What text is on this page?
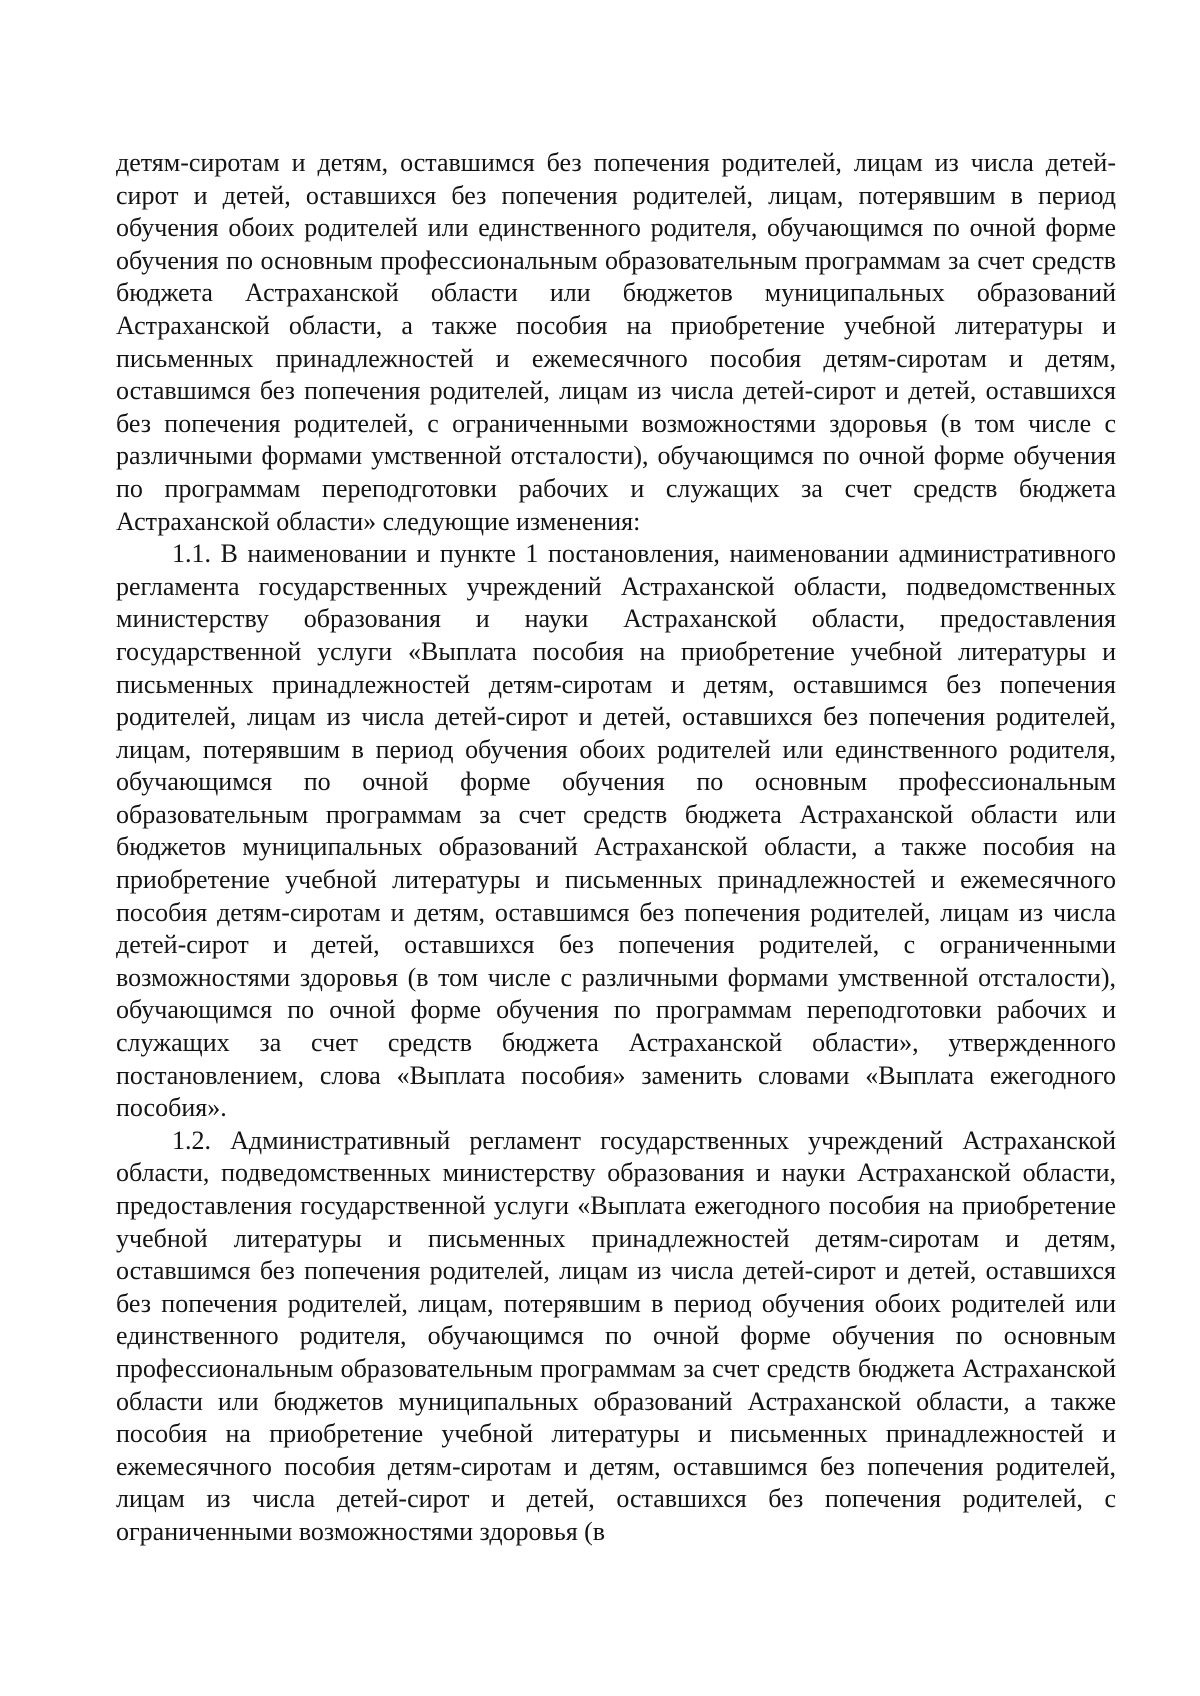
детям-сиротам и детям, оставшимся без попечения родителей, лицам из числа детей-сирот и детей, оставшихся без попечения родителей, лицам, потерявшим в период обучения обоих родителей или единственного родителя, обучающимся по очной форме обучения по основным профессиональным образовательным программам за счет средств бюджета Астраханской области или бюджетов муниципальных образований Астраханской области, а также пособия на приобретение учебной литературы и письменных принадлежностей и ежемесячного пособия детям-сиротам и детям, оставшимся без попечения родителей, лицам из числа детей-сирот и детей, оставшихся без попечения родителей, с ограниченными возможностями здоровья (в том числе с различными формами умственной отсталости), обучающимся по очной форме обучения по программам переподготовки рабочих и служащих за счет средств бюджета Астраханской области» следующие изменения:

1.1. В наименовании и пункте 1 постановления, наименовании административного регламента государственных учреждений Астраханской области, подведомственных министерству образования и науки Астраханской области, предоставления государственной услуги «Выплата пособия на приобретение учебной литературы и письменных принадлежностей детям-сиротам и детям, оставшимся без попечения родителей, лицам из числа детей-сирот и детей, оставшихся без попечения родителей, лицам, потерявшим в период обучения обоих родителей или единственного родителя, обучающимся по очной форме обучения по основным профессиональным образовательным программам за счет средств бюджета Астраханской области или бюджетов муниципальных образований Астраханской области, а также пособия на приобретение учебной литературы и письменных принадлежностей и ежемесячного пособия детям-сиротам и детям, оставшимся без попечения родителей, лицам из числа детей-сирот и детей, оставшихся без попечения родителей, с ограниченными возможностями здоровья (в том числе с различными формами умственной отсталости), обучающимся по очной форме обучения по программам переподготовки рабочих и служащих за счет средств бюджета Астраханской области», утвержденного постановлением, слова «Выплата пособия» заменить словами «Выплата ежегодного пособия».

1.2. Административный регламент государственных учреждений Астраханской области, подведомственных министерству образования и науки Астраханской области, предоставления государственной услуги «Выплата ежегодного пособия на приобретение учебной литературы и письменных принадлежностей детям-сиротам и детям, оставшимся без попечения родителей, лицам из числа детей-сирот и детей, оставшихся без попечения родителей, лицам, потерявшим в период обучения обоих родителей или единственного родителя, обучающимся по очной форме обучения по основным профессиональным образовательным программам за счет средств бюджета Астраханской области или бюджетов муниципальных образований Астраханской области, а также пособия на приобретение учебной литературы и письменных принадлежностей и ежемесячного пособия детям-сиротам и детям, оставшимся без попечения родителей, лицам из числа детей-сирот и детей, оставшихся без попечения родителей, с ограниченными возможностями здоровья (в
